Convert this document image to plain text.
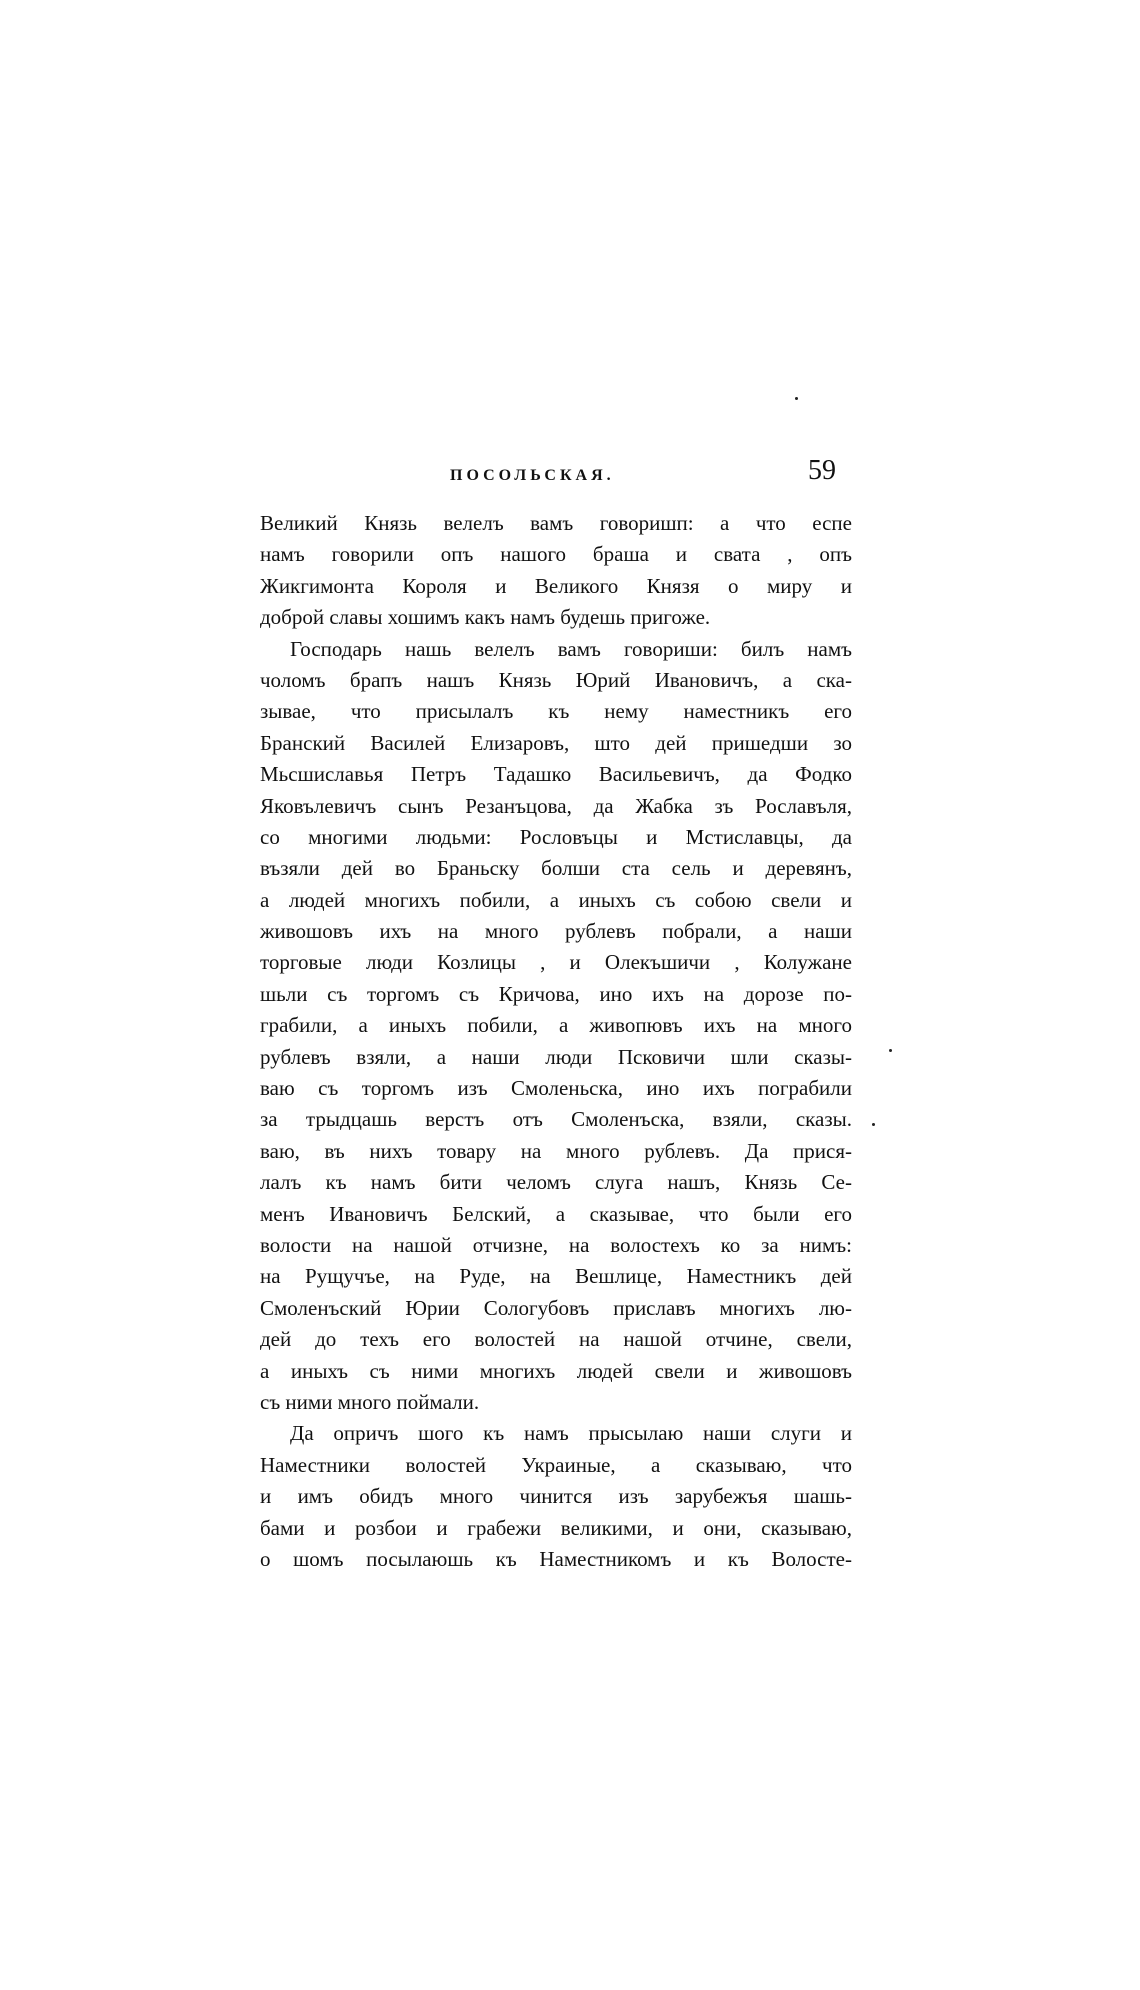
ПОСОЛЬСКАЯ.	59
Великий Князь велелъ вамъ говоришп: а что еспе
намъ говорили опъ нашого браша и свата , опъ
Жикгимонта Короля и Великого Князя о миру и
доброй славы хошимъ какъ намъ будешь пригоже.
Господарь нашь велелъ вамъ говориши: билъ намъ
чоломъ брапъ нашъ Князь Юрий Ивановичъ, а ска-
зывае, что присылалъ къ нему наместникъ его
Бранский Василей Елизаровъ, што дей пришедши зо
Мьсшиславья Петръ Тадашко Васильевичъ, да Фодко
Яковълевичъ сынъ Резанъцова, да Жабка зъ Рославъля,
со многими людьми: Рословъцы и Мстиславцы, да
възяли дей во Браньску болши ста сель и деревянъ,
а людей многихъ побили, а иныхъ съ собою свели и
живошовъ ихъ на много рублевъ побрали, а наши
торговые люди Козлицы , и Олекъшичи , Колужане
шьли съ торгомъ съ Кричова, ино ихъ на дорозе по-
грабили, а иныхъ побили, а живопювъ ихъ на много
рублевъ взяли, а наши люди Псковичи шли сказы-
ваю съ торгомъ изъ Смоленьска, ино ихъ пограбили
за трыдцашь верстъ отъ Смоленъска, взяли, сказы.
ваю, въ нихъ товару на много рублевъ. Да прися-
лалъ къ намъ бити челомъ слуга нашъ, Князь Се-
менъ Ивановичъ Белский, а сказывае, что были его
волости на нашой отчизне, на волостехъ ко за нимъ:
на Рущучъе, на Руде, на Вешлице, Наместникъ дей
Смоленъский Юрии Сологубовъ приславъ многихъ лю-
дей до техъ его волостей на нашой отчине, свели,
а иныхъ съ ними многихъ людей свели и живошовъ
съ ними много поймали.
Да опричъ шого къ намъ прысылаю наши слуги и
Наместники волостей Украиные, а сказываю, что
и имъ обидъ много чинится изъ зарубежъя шашь-
бами и розбои и грабежи великими, и они, сказываю,
о шомъ посылаюшь къ Наместникомъ и къ Волосте-
